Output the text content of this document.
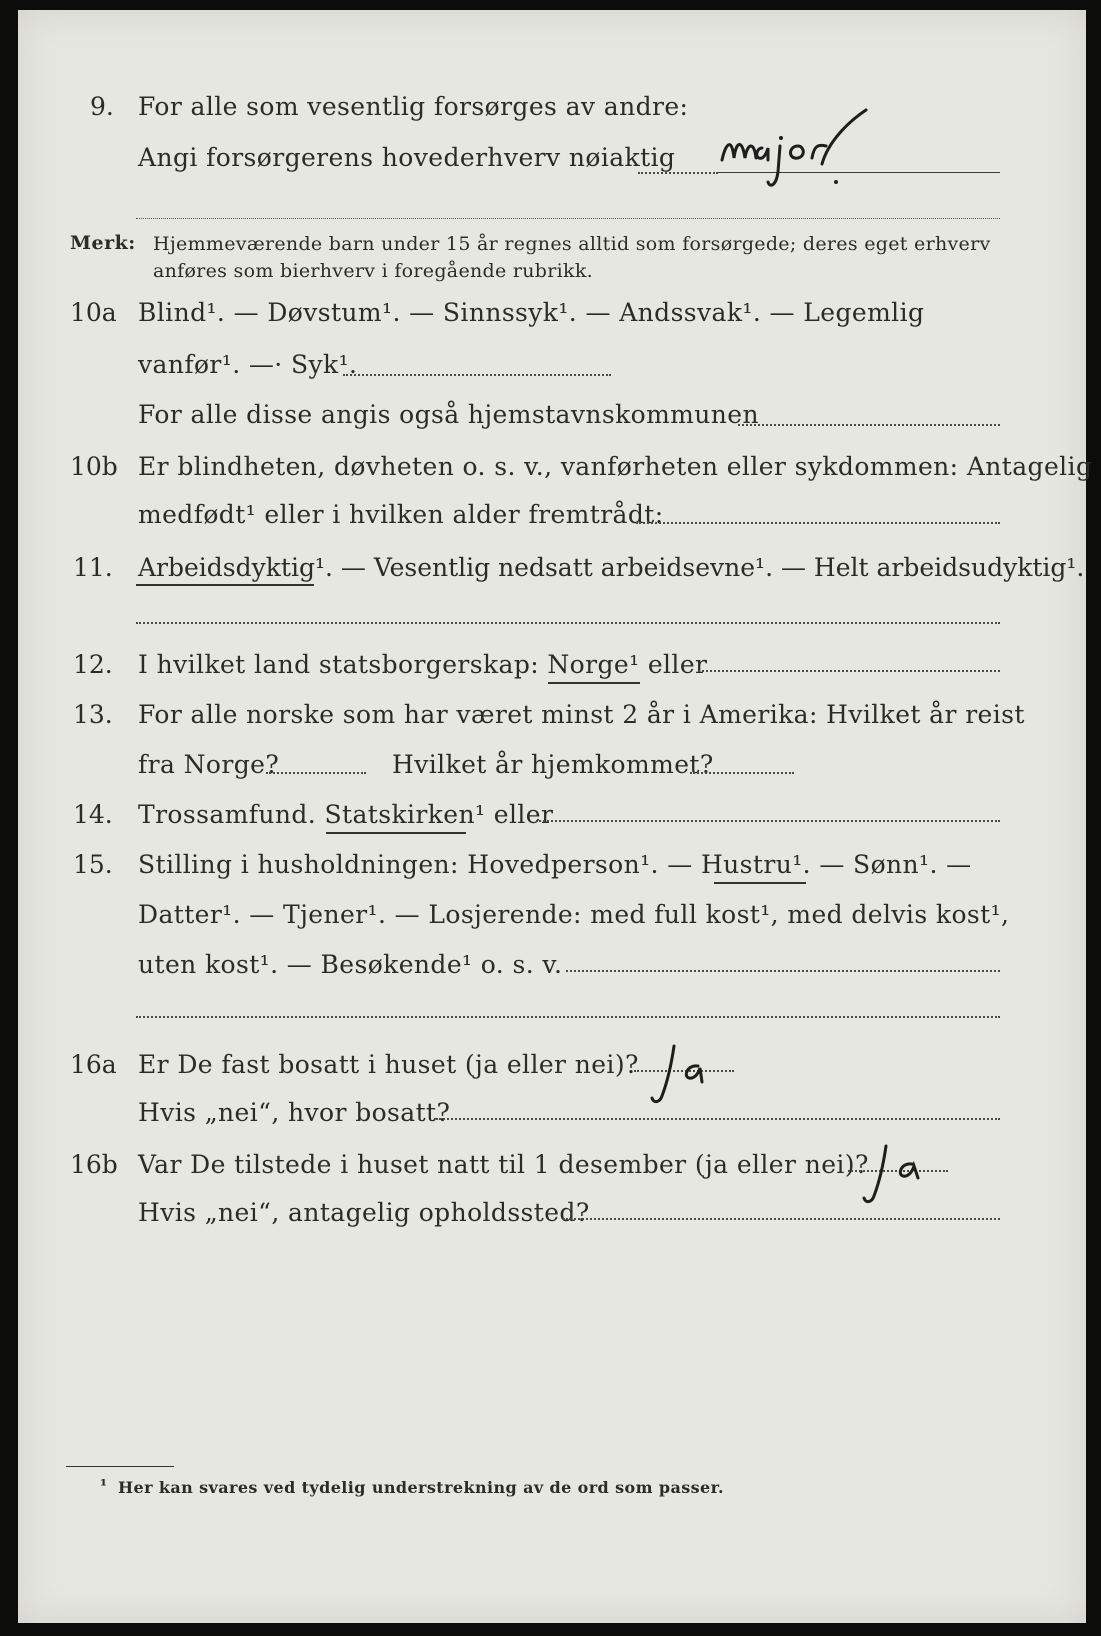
9. For alle som vesentlig forsørges av andre:
Angi forsørgerens hovederhverv nøiaktig
Merk: Hjemmeværende barn under 15 år regnes alltid som forsørgede; deres eget erhverv
anføres som bierhverv i foregående rubrikk.
10a Blind¹. — Døvstum¹. — Sinnssyk¹. — Andssvak¹. — Legemlig
vanfør¹. —· Syk¹.
For alle disse angis også hjemstavnskommunen
10b Er blindheten, døvheten o. s. v., vanførheten eller sykdommen: Antagelig
medfødt¹ eller i hvilken alder fremtrådt:
11. Arbeidsdyktig¹. — Vesentlig nedsatt arbeidsevne¹. — Helt arbeidsudyktig¹.
12. I hvilket land statsborgerskap: Norge¹ eller
13. For alle norske som har været minst 2 år i Amerika: Hvilket år reist
fra Norge?	Hvilket år hjemkommet?
14. Trossamfund. Statskirken¹ eller
15. Stilling i husholdningen: Hovedperson¹. — Hustru¹. — Sønn¹. —
Datter¹. — Tjener¹. — Losjerende: med full kost¹, med delvis kost¹,
uten kost¹. — Besøkende¹ o. s. v.
16a Er De fast bosatt i huset (ja eller nei)?
Hvis „nei“, hvor bosatt?
16b Var De tilstede i huset natt til 1 desember (ja eller nei)?
Hvis „nei“, antagelig opholdssted?
¹ Her kan svares ved tydelig understrekning av de ord som passer.
